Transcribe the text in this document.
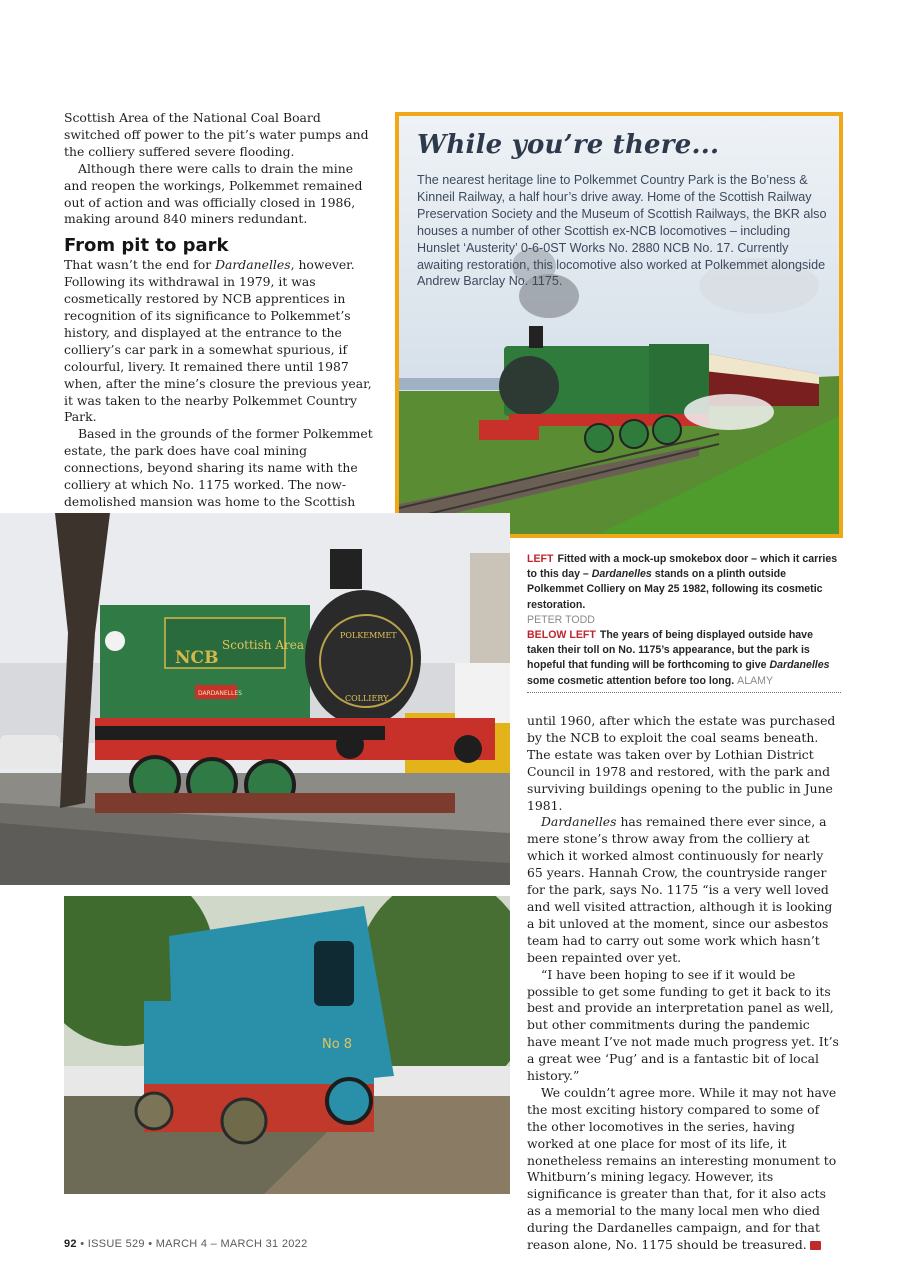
Scottish Area of the National Coal Board switched off power to the pit’s water pumps and the colliery suffered severe flooding.

Although there were calls to drain the mine and reopen the workings, Polkemmet remained out of action and was officially closed in 1986, making around 840 miners redundant.

From pit to park

That wasn’t the end for Dardanelles, however. Following its withdrawal in 1979, it was cosmetically restored by NCB apprentices in recognition of its significance to Polkemmet’s history, and displayed at the entrance to the colliery’s car park in a somewhat spurious, if colourful, livery. It remained there until 1987 when, after the mine’s closure the previous year, it was taken to the nearby Polkemmet Country Park.

Based in the grounds of the former Polkemmet estate, the park does have coal mining connections, beyond sharing its name with the colliery at which No. 1175 worked. The now-demolished mansion was home to the Scottish

While you’re there...
The nearest heritage line to Polkemmet Country Park is the Bo’ness & Kinneil Railway, a half hour’s drive away. Home of the Scottish Railway Preservation Society and the Museum of Scottish Railways, the BKR also houses a number of other Scottish ex-NCB locomotives – including Hunslet ‘Austerity’ 0-6-0ST Works No. 2880 NCB No. 17. Currently awaiting restoration, this locomotive also worked at Polkemmet alongside Andrew Barclay No. 1175.
NCB
Scottish Area
POLKEMMET
COLLIERY
DARDANELLES
No 8
LEFT Fitted with a mock-up smokebox door – which it carries to this day – Dardanelles stands on a plinth outside Polkemmet Colliery on May 25 1982, following its cosmetic restoration.
PETER TODD
BELOW LEFT The years of being displayed outside have taken their toll on No. 1175’s appearance, but the park is hopeful that funding will be forthcoming to give Dardanelles some cosmetic attention before too long. ALAMY

until 1960, after which the estate was purchased by the NCB to exploit the coal seams beneath. The estate was taken over by Lothian District Council in 1978 and restored, with the park and surviving buildings opening to the public in June 1981.

Dardanelles has remained there ever since, a mere stone’s throw away from the colliery at which it worked almost continuously for nearly 65 years. Hannah Crow, the countryside ranger for the park, says No. 1175 “is a very well loved and well visited attraction, although it is looking a bit unloved at the moment, since our asbestos team had to carry out some work which hasn’t been repainted over yet.

“I have been hoping to see if it would be possible to get some funding to get it back to its best and provide an interpretation panel as well, but other commitments during the pandemic have meant I’ve not made much progress yet. It’s a great wee ‘Pug’ and is a fantastic bit of local history.”

We couldn’t agree more. While it may not have the most exciting history compared to some of the other locomotives in the series, having worked at one place for most of its life, it nonetheless remains an interesting monument to Whitburn’s mining legacy. However, its significance is greater than that, for it also acts as a memorial to the many local men who died during the Dardanelles campaign, and for that reason alone, No. 1175 should be treasured.

92 • ISSUE 529 • MARCH 4 – MARCH 31 2022
